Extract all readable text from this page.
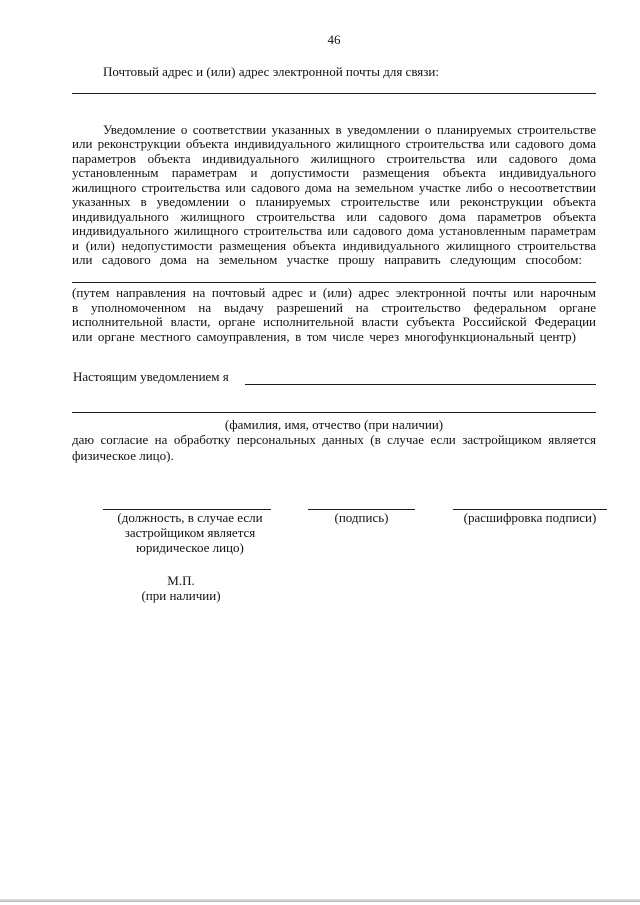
46
Почтовый адрес и (или) адрес электронной почты для связи:
Уведомление о соответствии указанных в уведомлении о планируемых строительстве
или реконструкции объекта индивидуального жилищного строительства или садового дома
параметров объекта индивидуального жилищного строительства или садового дома
установленным параметрам и допустимости размещения объекта индивидуального
жилищного строительства или садового дома на земельном участке либо о несоответствии
указанных в уведомлении о планируемых строительстве или реконструкции объекта
индивидуального жилищного строительства или садового дома параметров объекта
индивидуального жилищного строительства или садового дома установленным параметрам
и (или) недопустимости размещения объекта индивидуального жилищного строительства
или садового дома на земельном участке прошу направить следующим способом:
(путем направления на почтовый адрес и (или) адрес электронной почты или нарочным
в уполномоченном на выдачу разрешений на строительство федеральном органе
исполнительной власти, органе исполнительной власти субъекта Российской Федерации
или органе местного самоуправления, в том числе через многофункциональный центр)
Настоящим уведомлением я
(фамилия, имя, отчество (при наличии)
даю согласие на обработку персональных данных (в случае если застройщиком является
физическое лицо).
(должность, в случае если
застройщиком является
юридическое лицо)
(подпись)	(расшифровка подписи)
М.П.
(при наличии)
